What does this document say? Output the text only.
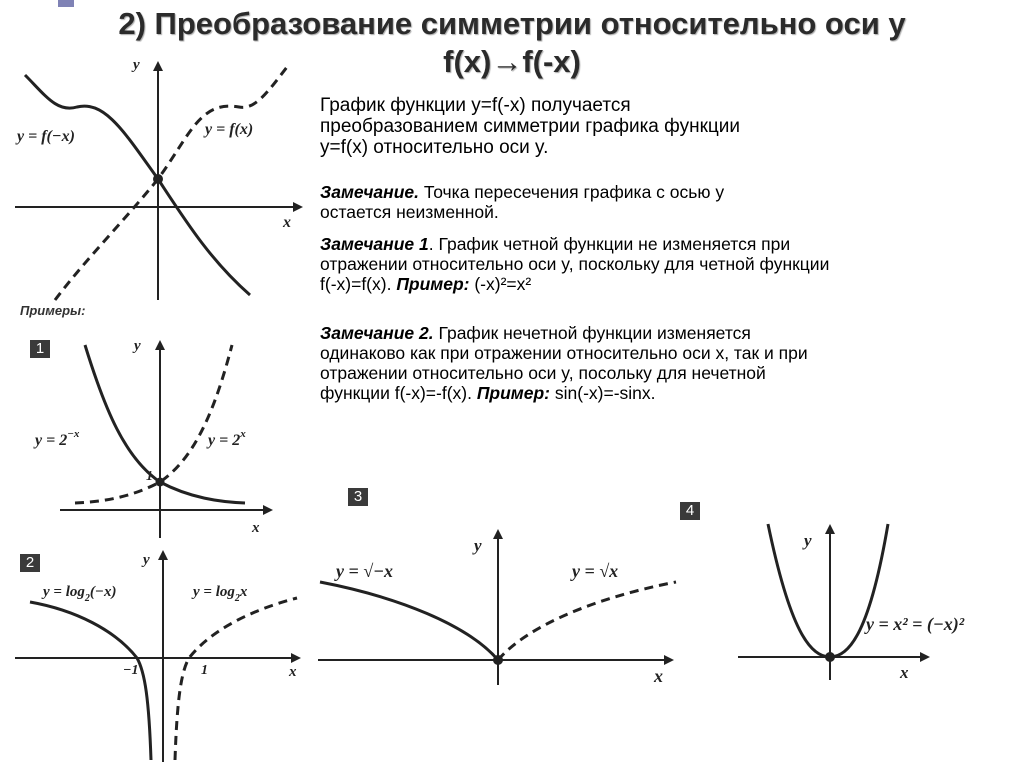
2) Преобразование симметрии относительно оси y
f(x)→f(-x)
y
x
y = f(−x)	y = f(x)
Примеры:
1
2
3
4
y
x
1
$y = 2^{-x}$	$y = 2^x$
y
x
−1	1
$y = \log_2(-x)$	$y = \log_2x$
y
x
y = √−x	y = √x
y
x
y = x² = (−x)²
График функции y=f(-x) получается
преобразованием симметрии графика функции
y=f(x) относительно оси y.
Замечание. Точка пересечения графика с осью y
остается неизменной.
Замечание 1. График четной функции не изменяется при
отражении относительно оси y, поскольку для четной функции
f(-x)=f(x). Пример: (-x)²=x²
Замечание 2. График нечетной функции изменяется
одинаково как при отражении относительно оси x, так и при
отражении относительно оси y, посольку для нечетной
функции f(-x)=-f(x). Пример: sin(-x)=-sinx.
